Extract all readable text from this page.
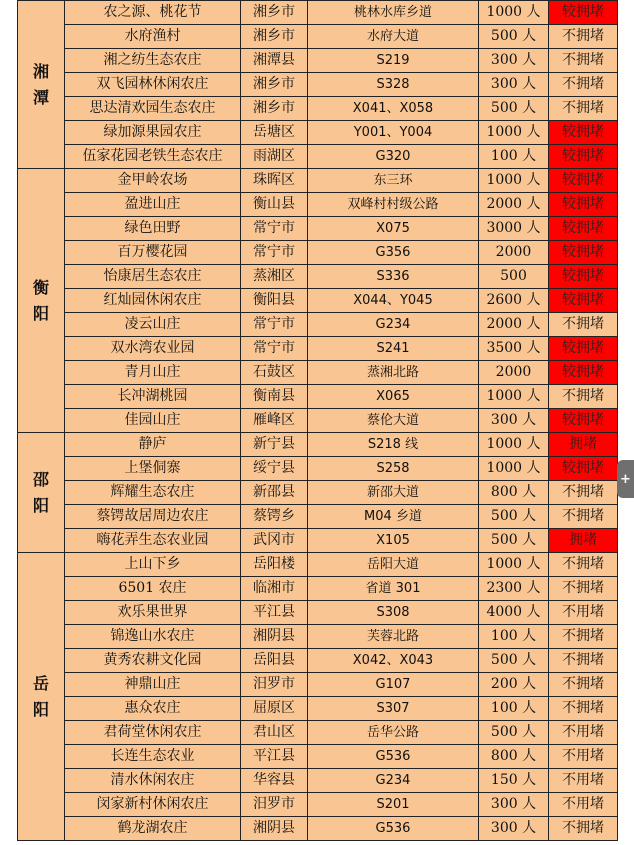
湘潭	农之源、桃花节	湘乡市	桃林水库乡道	1000 人	较拥堵
	水府渔村	湘乡市	水府大道	500 人	不拥堵
	湘之纺生态农庄	湘潭县	S219	300 人	不拥堵
	双飞园林休闲农庄	湘乡市	S328	300 人	不拥堵
	思达清欢园生态农庄	湘乡市	X041、X058	500 人	不拥堵
	绿加源果园农庄	岳塘区	Y001、Y004	1000 人	较拥堵
	伍家花园老铁生态农庄	雨湖区	G320	100 人	较拥堵

衡阳	金甲岭农场	珠晖区	东三环	1000 人	较拥堵
	盈进山庄	衡山县	双峰村村级公路	2000 人	较拥堵
	绿色田野	常宁市	X075	3000 人	较拥堵
	百万樱花园	常宁市	G356	2000	较拥堵
	怡康居生态农庄	蒸湘区	S336	500	较拥堵
	红灿园休闲农庄	衡阳县	X044、Y045	2600 人	较拥堵
	凌云山庄	常宁市	G234	2000 人	不拥堵
	双水湾农业园	常宁市	S241	3500 人	较拥堵
	青月山庄	石鼓区	蒸湘北路	2000	较拥堵
	长冲湖桃园	衡南县	X065	1000 人	不拥堵
	佳园山庄	雁峰区	蔡伦大道	300 人	较拥堵

邵阳	静庐	新宁县	S218 线	1000 人	拥堵
	上堡侗寨	绥宁县	S258	1000 人	较拥堵
	辉耀生态农庄	新邵县	新邵大道	800 人	不拥堵
	蔡锷故居周边农庄	蔡锷乡	M04 乡道	500 人	不拥堵
	嗨花弄生态农业园	武冈市	X105	500 人	拥堵

岳阳	上山下乡	岳阳楼	岳阳大道	1000 人	不拥堵
	6501 农庄	临湘市	省道 301	2300 人	不拥堵
	欢乐果世界	平江县	S308	4000 人	不用堵
	锦逸山水农庄	湘阴县	芙蓉北路	100 人	不拥堵
	黄秀农耕文化园	岳阳县	X042、X043	500 人	不拥堵
	神鼎山庄	汨罗市	G107	200 人	不拥堵
	惠众农庄	屈原区	S307	100 人	不拥堵
	君荷堂休闲农庄	君山区	岳华公路	500 人	不用堵
	长连生态农业	平江县	G536	800 人	不用堵
	清水休闲农庄	华容县	G234	150 人	不用堵
	闵家新村休闲农庄	汨罗市	S201	300 人	不用堵
	鹤龙湖农庄	湘阴县	G536	300 人	不拥堵
+
